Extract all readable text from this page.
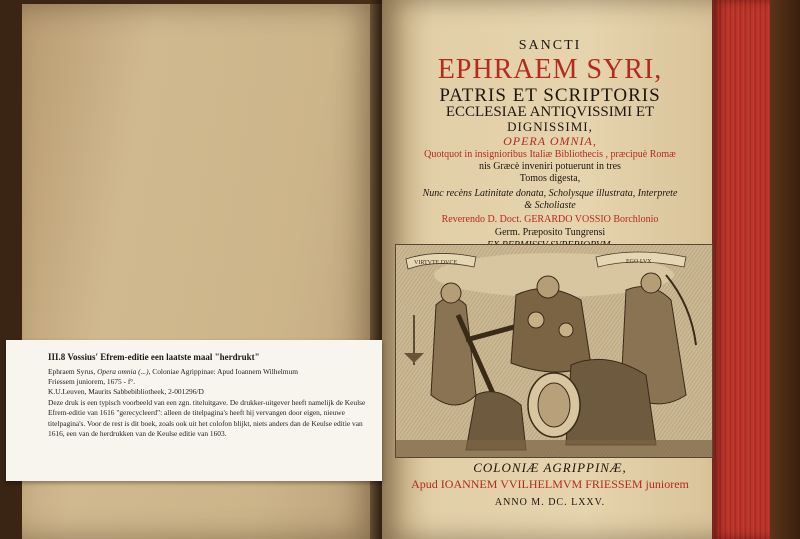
SANCTI
EPHRAEM SYRI,
PATRIS ET SCRIPTORIS
ECCLESIAE ANTIQVISSIMI ET
DIGNISSIMI,
OPERA OMNIA,
Quotquot in insignioribus Italiæ Bibliothecis , præcipuè Romæ
nis Græcè inveniri potuerunt in tres
Tomos digesta,
Nunc recèns Latinitate donata, Scholysque illustrata, Interprete
& Scholiaste
Reverendo D. Doct. GERARDO VOSSIO Borchlonio
Germ. Præposito Tungrensi
VIRTVTE DVCE	EGO LVX
COLONIÆ AGRIPPINÆ,
Apud IOANNEM VVILHELMVM FRIESSEM juniorem
ANNO M. DC. LXXV.
III.8 Vossius' Efrem-editie een laatste maal "herdrukt"
Ephraem Syrus, Opera omnia (...), Coloniae Agrippinae: Apud Ioannem Wilhelmum
Friessem juniorem, 1675 - f°.
K.U.Leuven, Maurits Sabbebibliotheek, 2-001296/D
Deze druk is een typisch voorbeeld van een zgn. titeluitgave. De drukker-uitgever heeft namelijk de Keulse Efrem-editie van 1616 "gerecycleerd": alleen de titelpagina's heeft hij vervangen door eigen, nieuwe titelpagina's. Voor de rest is dit boek, zoals ook uit het colofon blijkt, niets anders dan de Keulse editie van 1616, een van de herdrukken van de Keulse editie van 1603.
